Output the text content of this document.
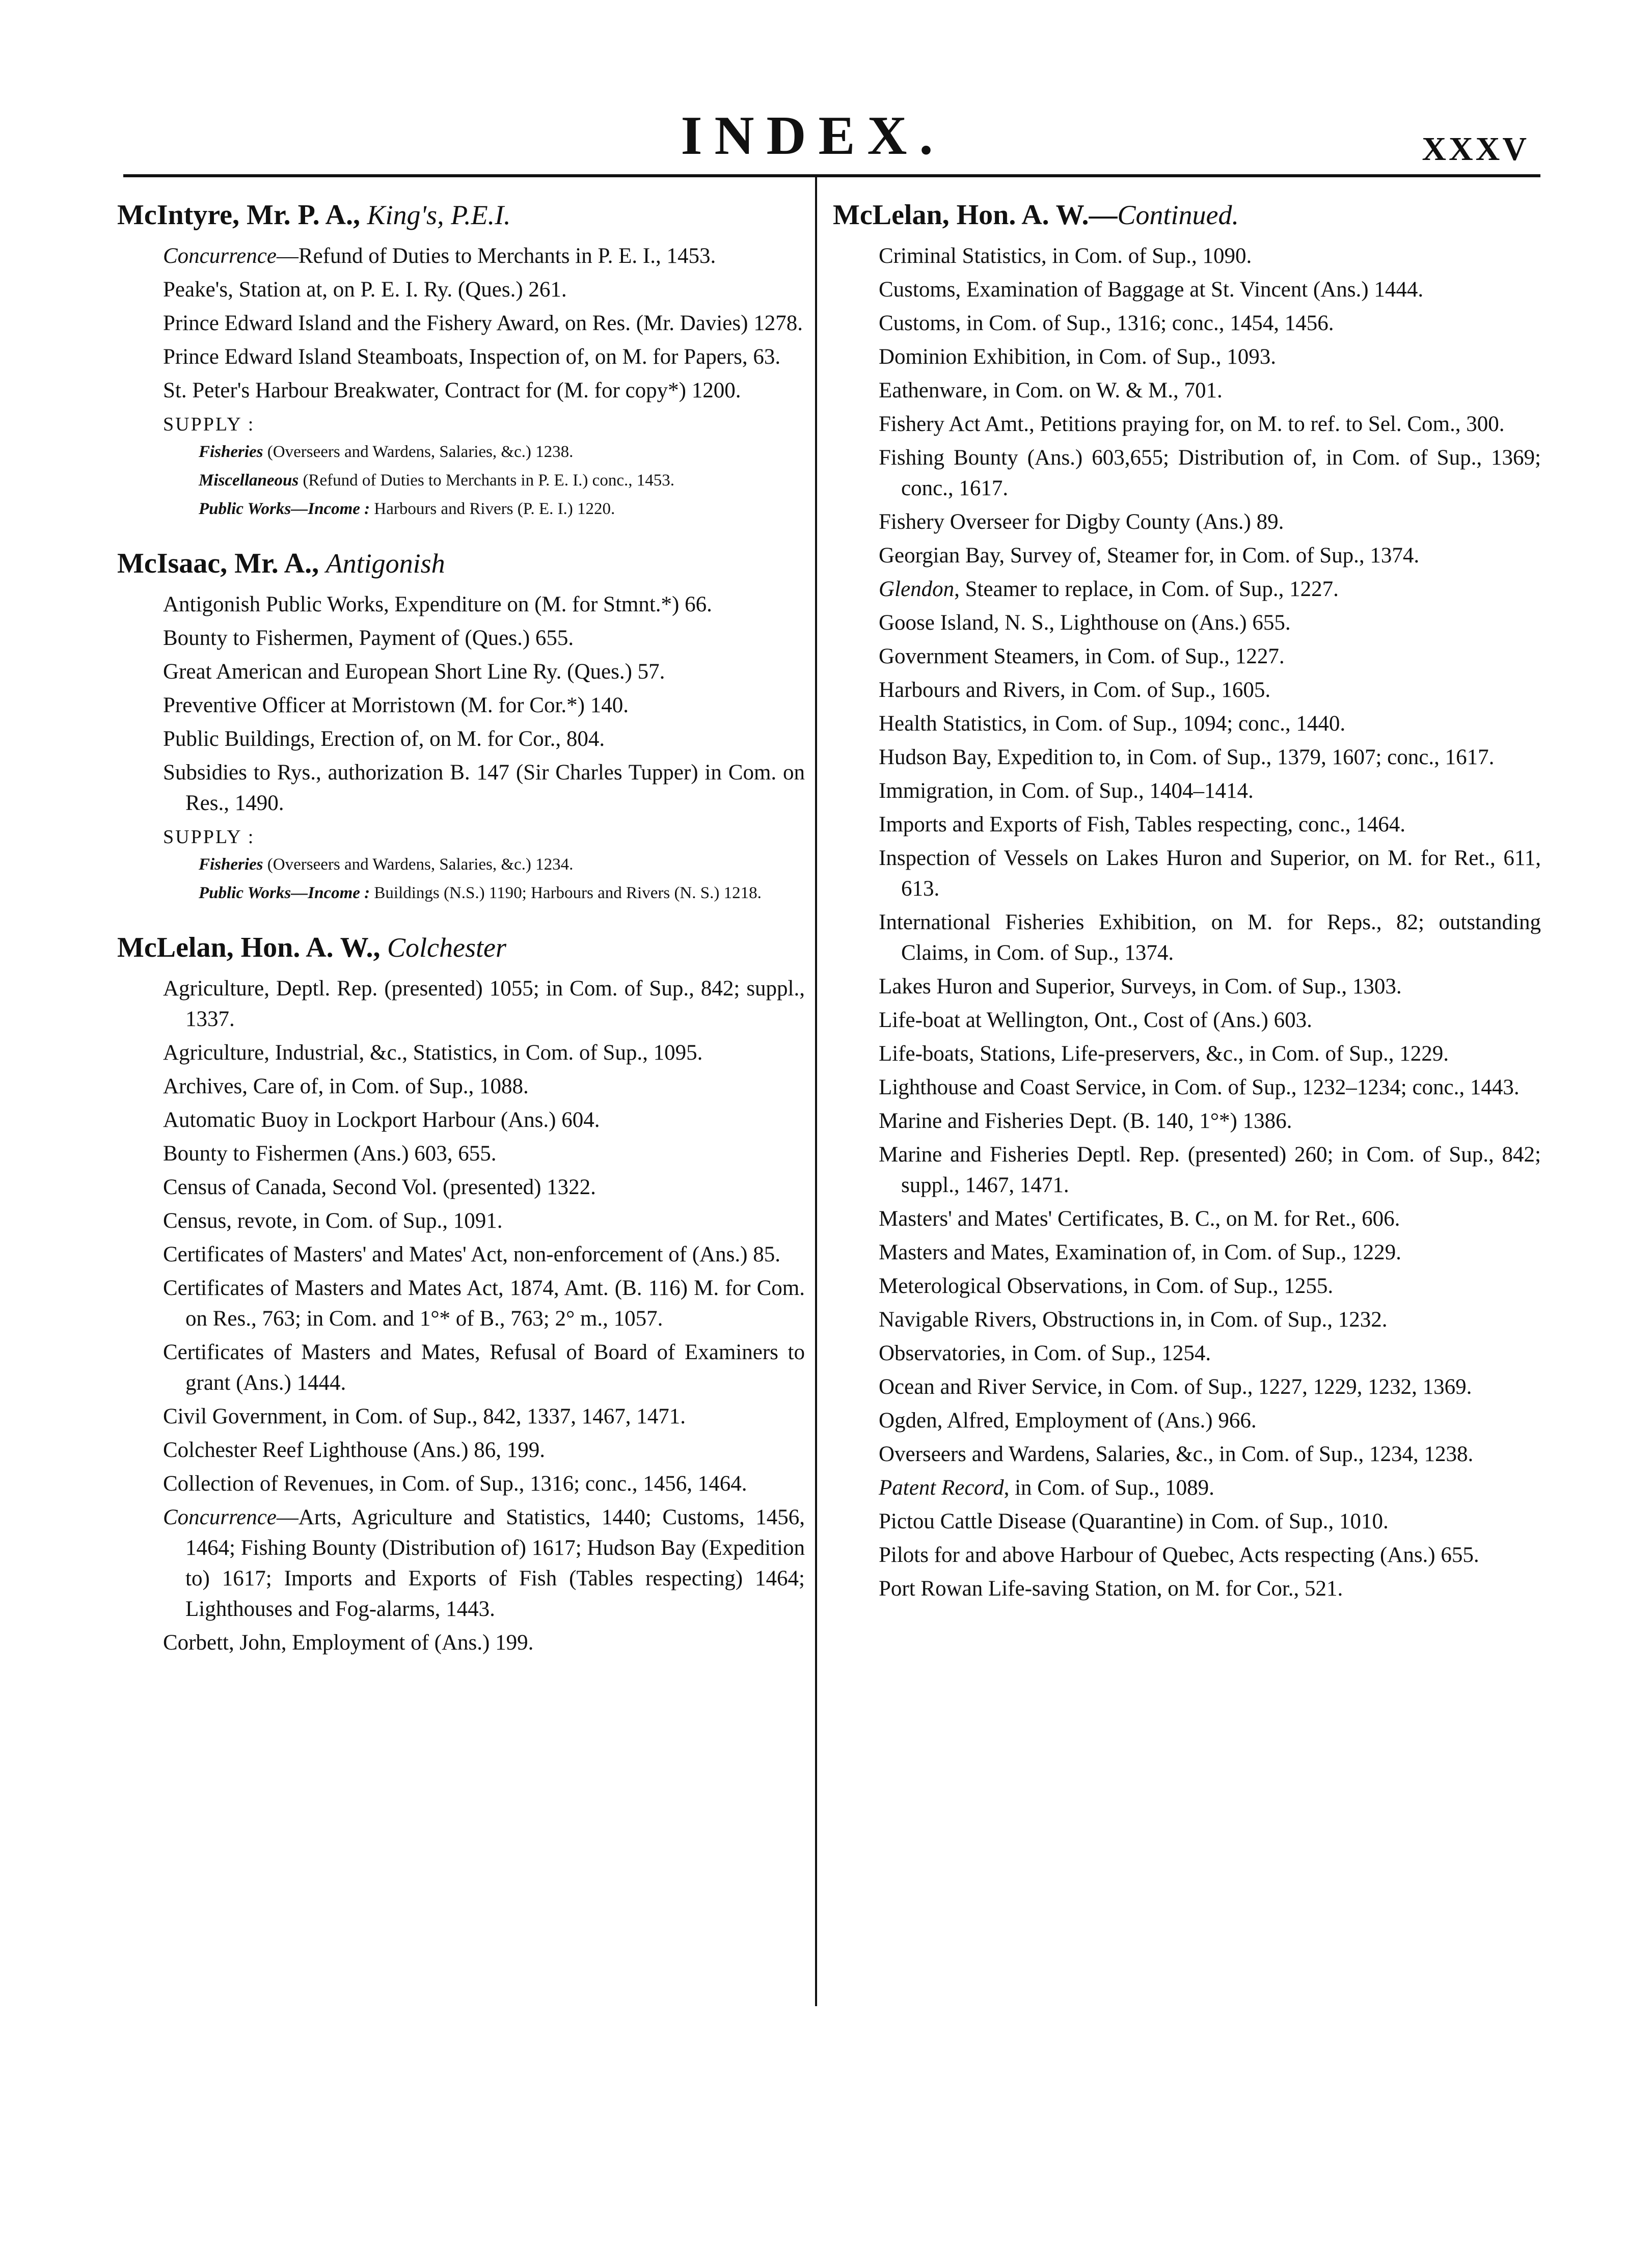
INDEX.	XXXV
McIntyre, Mr. P. A., King's, P.E.I.
Concurrence—Refund of Duties to Merchants in P. E. I., 1453.
Peake's, Station at, on P. E. I. Ry. (Ques.) 261.
Prince Edward Island and the Fishery Award, on Res. (Mr. Davies) 1278.
Prince Edward Island Steamboats, Inspection of, on M. for Papers, 63.
St. Peter's Harbour Breakwater, Contract for (M. for copy*) 1200.
SUPPLY :
Fisheries (Overseers and Wardens, Salaries, &c.) 1238.
Miscellaneous (Refund of Duties to Merchants in P. E. I.) conc., 1453.
Public Works—Income : Harbours and Rivers (P. E. I.) 1220.
McIsaac, Mr. A., Antigonish
Antigonish Public Works, Expenditure on (M. for Stmnt.*) 66.
Bounty to Fishermen, Payment of (Ques.) 655.
Great American and European Short Line Ry. (Ques.) 57.
Preventive Officer at Morristown (M. for Cor.*) 140.
Public Buildings, Erection of, on M. for Cor., 804.
Subsidies to Rys., authorization B. 147 (Sir Charles Tupper) in Com. on Res., 1490.
SUPPLY :
Fisheries (Overseers and Wardens, Salaries, &c.) 1234.
Public Works—Income : Buildings (N.S.) 1190; Harbours and Rivers (N. S.) 1218.
McLelan, Hon. A. W., Colchester
Agriculture, Deptl. Rep. (presented) 1055; in Com. of Sup., 842; suppl., 1337.
Agriculture, Industrial, &c., Statistics, in Com. of Sup., 1095.
Archives, Care of, in Com. of Sup., 1088.
Automatic Buoy in Lockport Harbour (Ans.) 604.
Bounty to Fishermen (Ans.) 603, 655.
Census of Canada, Second Vol. (presented) 1322.
Census, revote, in Com. of Sup., 1091.
Certificates of Masters' and Mates' Act, non-enforcement of (Ans.) 85.
Certificates of Masters and Mates Act, 1874, Amt. (B. 116) M. for Com. on Res., 763; in Com. and 1°* of B., 763; 2° m., 1057.
Certificates of Masters and Mates, Refusal of Board of Examiners to grant (Ans.) 1444.
Civil Government, in Com. of Sup., 842, 1337, 1467, 1471.
Colchester Reef Lighthouse (Ans.) 86, 199.
Collection of Revenues, in Com. of Sup., 1316; conc., 1456, 1464.
Concurrence—Arts, Agriculture and Statistics, 1440; Customs, 1456, 1464; Fishing Bounty (Distribution of) 1617; Hudson Bay (Expedition to) 1617; Imports and Exports of Fish (Tables respecting) 1464; Lighthouses and Fog-alarms, 1443.
Corbett, John, Employment of (Ans.) 199.
McLelan, Hon. A. W.—Continued.
Criminal Statistics, in Com. of Sup., 1090.
Customs, Examination of Baggage at St. Vincent (Ans.) 1444.
Customs, in Com. of Sup., 1316; conc., 1454, 1456.
Dominion Exhibition, in Com. of Sup., 1093.
Eathenware, in Com. on W. & M., 701.
Fishery Act Amt., Petitions praying for, on M. to ref. to Sel. Com., 300.
Fishing Bounty (Ans.) 603,655; Distribution of, in Com. of Sup., 1369; conc., 1617.
Fishery Overseer for Digby County (Ans.) 89.
Georgian Bay, Survey of, Steamer for, in Com. of Sup., 1374.
Glendon, Steamer to replace, in Com. of Sup., 1227.
Goose Island, N. S., Lighthouse on (Ans.) 655.
Government Steamers, in Com. of Sup., 1227.
Harbours and Rivers, in Com. of Sup., 1605.
Health Statistics, in Com. of Sup., 1094; conc., 1440.
Hudson Bay, Expedition to, in Com. of Sup., 1379, 1607; conc., 1617.
Immigration, in Com. of Sup., 1404–1414.
Imports and Exports of Fish, Tables respecting, conc., 1464.
Inspection of Vessels on Lakes Huron and Superior, on M. for Ret., 611, 613.
International Fisheries Exhibition, on M. for Reps., 82; outstanding Claims, in Com. of Sup., 1374.
Lakes Huron and Superior, Surveys, in Com. of Sup., 1303.
Life-boat at Wellington, Ont., Cost of (Ans.) 603.
Life-boats, Stations, Life-preservers, &c., in Com. of Sup., 1229.
Lighthouse and Coast Service, in Com. of Sup., 1232–1234; conc., 1443.
Marine and Fisheries Dept. (B. 140, 1°*) 1386.
Marine and Fisheries Deptl. Rep. (presented) 260; in Com. of Sup., 842; suppl., 1467, 1471.
Masters' and Mates' Certificates, B. C., on M. for Ret., 606.
Masters and Mates, Examination of, in Com. of Sup., 1229.
Meterological Observations, in Com. of Sup., 1255.
Navigable Rivers, Obstructions in, in Com. of Sup., 1232.
Observatories, in Com. of Sup., 1254.
Ocean and River Service, in Com. of Sup., 1227, 1229, 1232, 1369.
Ogden, Alfred, Employment of (Ans.) 966.
Overseers and Wardens, Salaries, &c., in Com. of Sup., 1234, 1238.
Patent Record, in Com. of Sup., 1089.
Pictou Cattle Disease (Quarantine) in Com. of Sup., 1010.
Pilots for and above Harbour of Quebec, Acts respecting (Ans.) 655.
Port Rowan Life-saving Station, on M. for Cor., 521.
